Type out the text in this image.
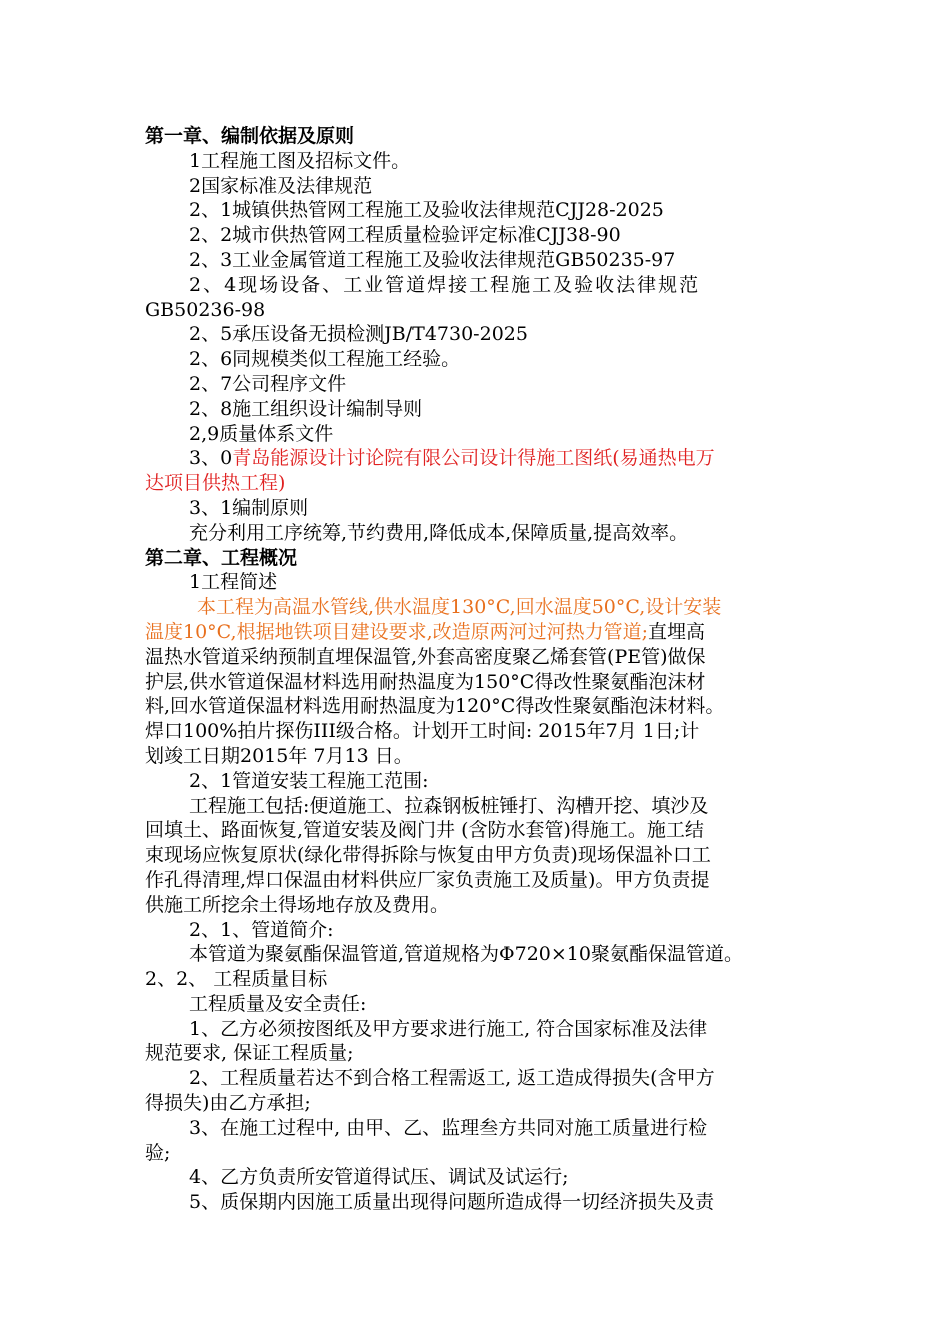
第一章、编制依据及原则

1工程施工图及招标文件。

2国家标准及法律规范

2、1城镇供热管网工程施工及验收法律规范CJJ28-2025

2、2城市供热管网工程质量检验评定标准CJJ38-90

2、3工业金属管道工程施工及验收法律规范GB50235-97

2、4现场设备、工业管道焊接工程施工及验收法律规范
GB50236-98

2、5承压设备无损检测JB/T4730-2025

2、6同规模类似工程施工经验。

2、7公司程序文件

2、8施工组织设计编制导则

2,9质量体系文件

3、0青岛能源设计讨论院有限公司设计得施工图纸(易通热电万
达项目供热工程)

3、1编制原则

充分利用工序统筹,节约费用,降低成本,保障质量,提高效率。

第二章、工程概况

1工程简述

本工程为高温水管线,供水温度130°C,回水温度50°C,设计安装
温度10°C,根据地铁项目建设要求,改造原两河过河热力管道;直埋高
温热水管道采纳预制直埋保温管,外套高密度聚乙烯套管(PE管)做保
护层,供水管道保温材料选用耐热温度为150°C得改性聚氨酯泡沫材
料,回水管道保温材料选用耐热温度为120°C得改性聚氨酯泡沫材料。
焊口100%拍片探伤III级合格。计划开工时间: 2015年7月 1日;计
划竣工日期2015年 7月13 日。

2、1管道安装工程施工范围:

工程施工包括:便道施工、拉森钢板桩锤打、沟槽开挖、填沙及
回填土、路面恢复,管道安装及阀门井 (含防水套管)得施工。施工结
束现场应恢复原状(绿化带得拆除与恢复由甲方负责)现场保温补口工
作孔得清理,焊口保温由材料供应厂家负责施工及质量)。甲方负责提
供施工所挖余土得场地存放及费用。

2、1、管道简介:

本管道为聚氨酯保温管道,管道规格为Φ720×10聚氨酯保温管道。

2、2、 工程质量目标

工程质量及安全责任:

1、乙方必须按图纸及甲方要求进行施工, 符合国家标准及法律
规范要求, 保证工程质量;
2、工程质量若达不到合格工程需返工, 返工造成得损失(含甲方
得损失)由乙方承担;
3、在施工过程中, 由甲、乙、监理叁方共同对施工质量进行检
验;
4、乙方负责所安管道得试压、调试及试运行;
5、质保期内因施工质量出现得问题所造成得一切经济损失及责
